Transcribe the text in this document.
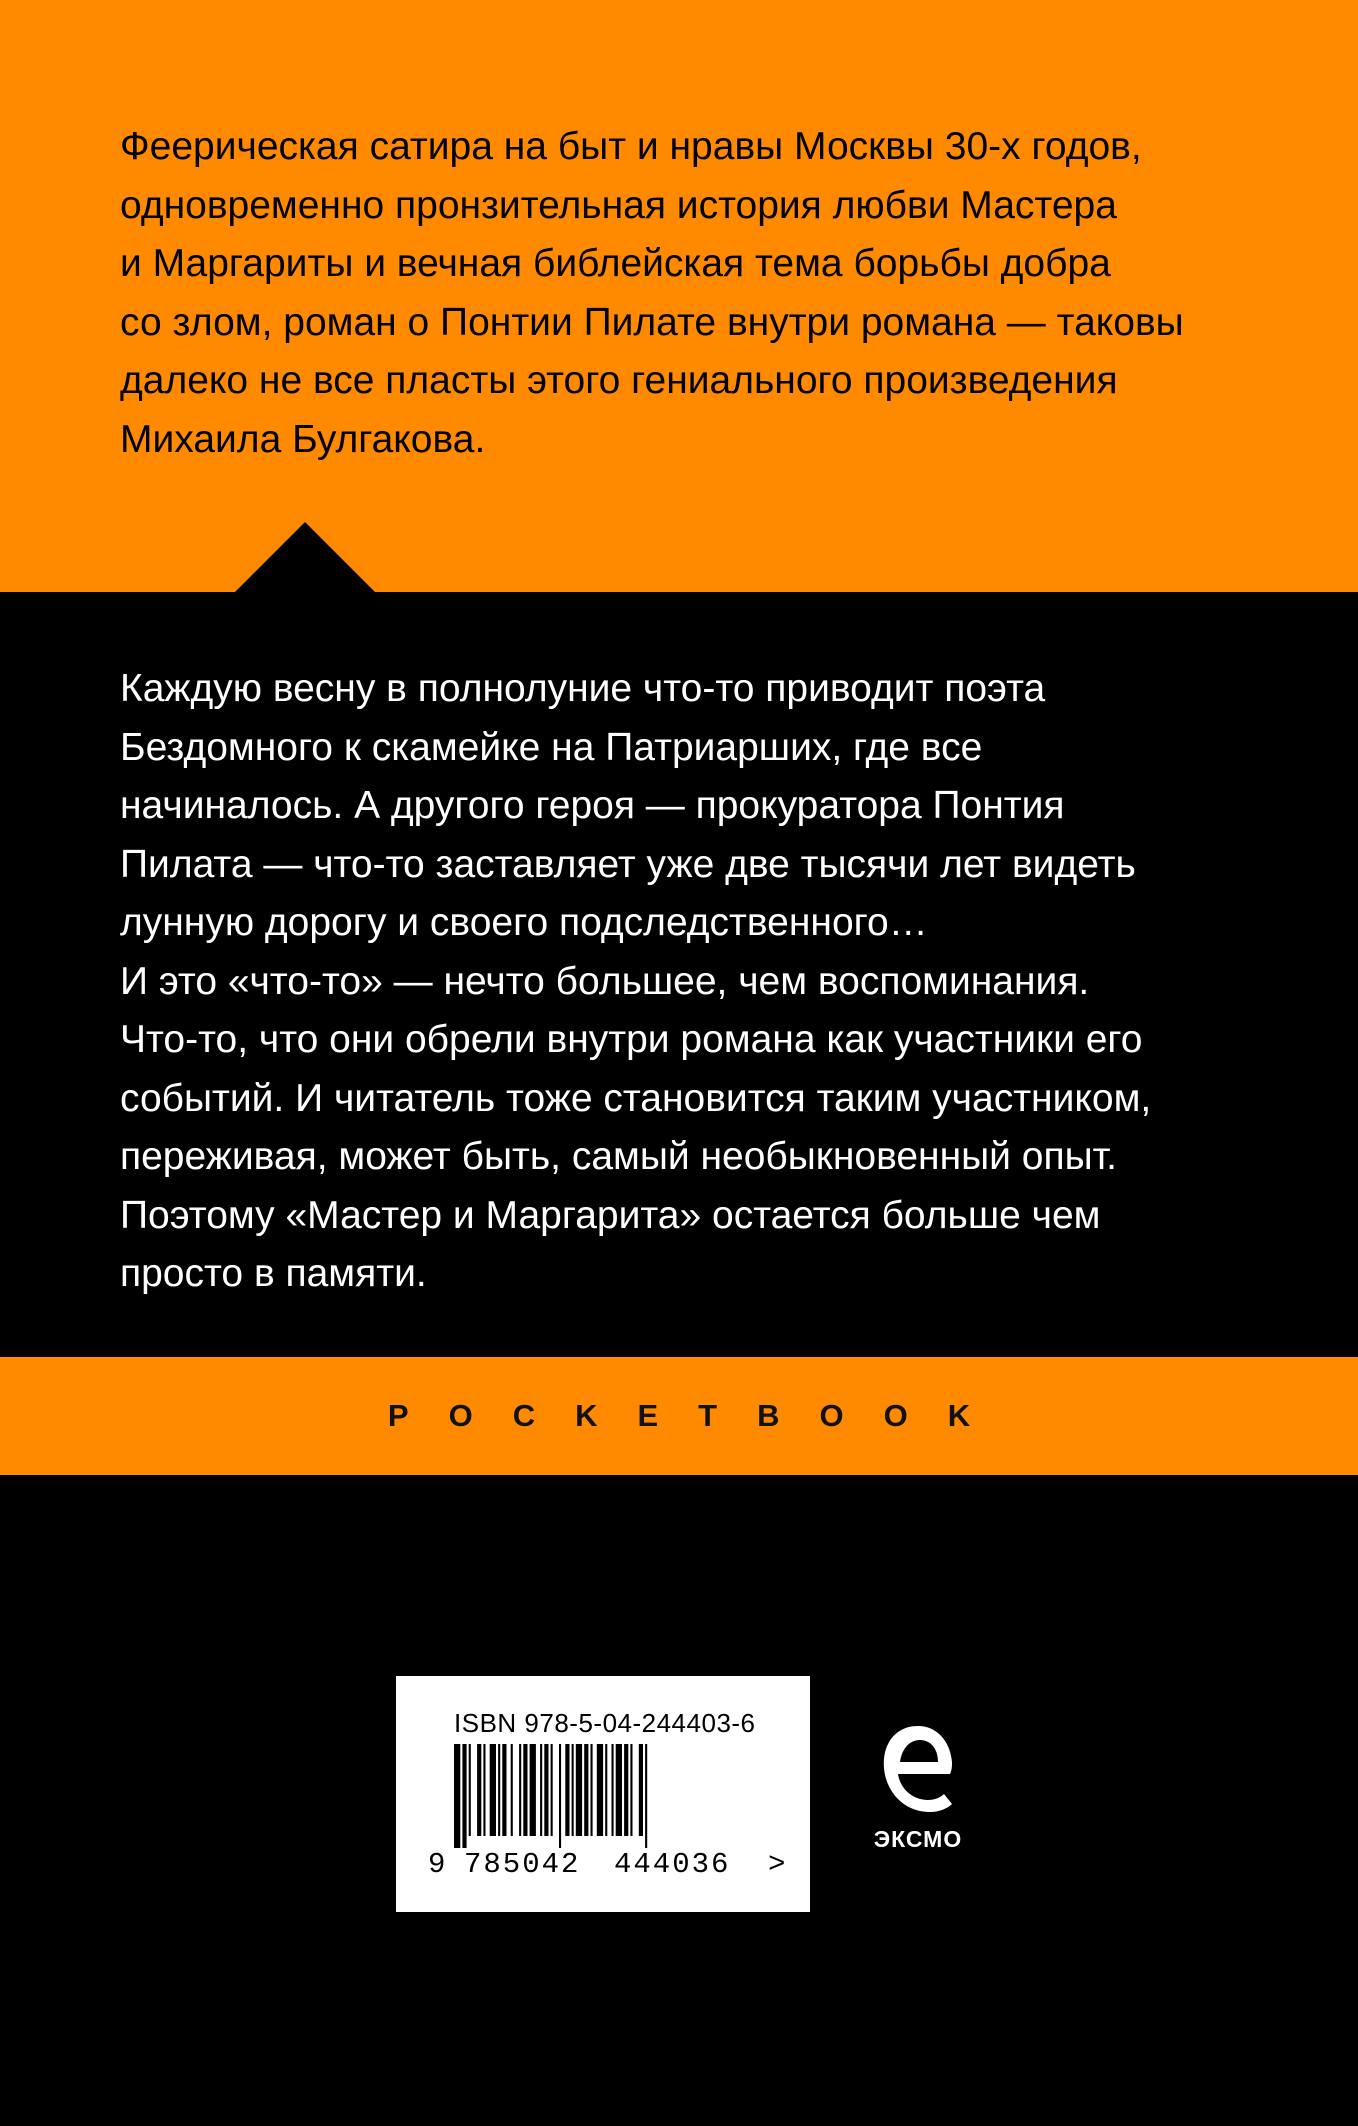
Феерическая сатира на быт и нравы Москвы 30-х годов,
одновременно пронзительная история любви Мастера
и Маргариты и вечная библейская тема борьбы добра
со злом, роман о Понтии Пилате внутри романа — таковы
далеко не все пласты этого гениального произведения
Михаила Булгакова.

Каждую весну в полнолуние что-то приводит поэта
Бездомного к скамейке на Патриарших, где все
начиналось. А другого героя — прокуратора Понтия
Пилата — что-то заставляет уже две тысячи лет видеть
лунную дорогу и своего подследственного…
И это «что-то» — нечто большее, чем воспоминания.
Что-то, что они обрели внутри романа как участники его
событий. И читатель тоже становится таким участником,
переживая, может быть, самый необыкновенный опыт.
Поэтому «Мастер и Маргарита» остается больше чем
просто в памяти.

POCKETBOOK
ISBN 978-5-04-244403-6
9 785042 444036 >
ЭКСМО
